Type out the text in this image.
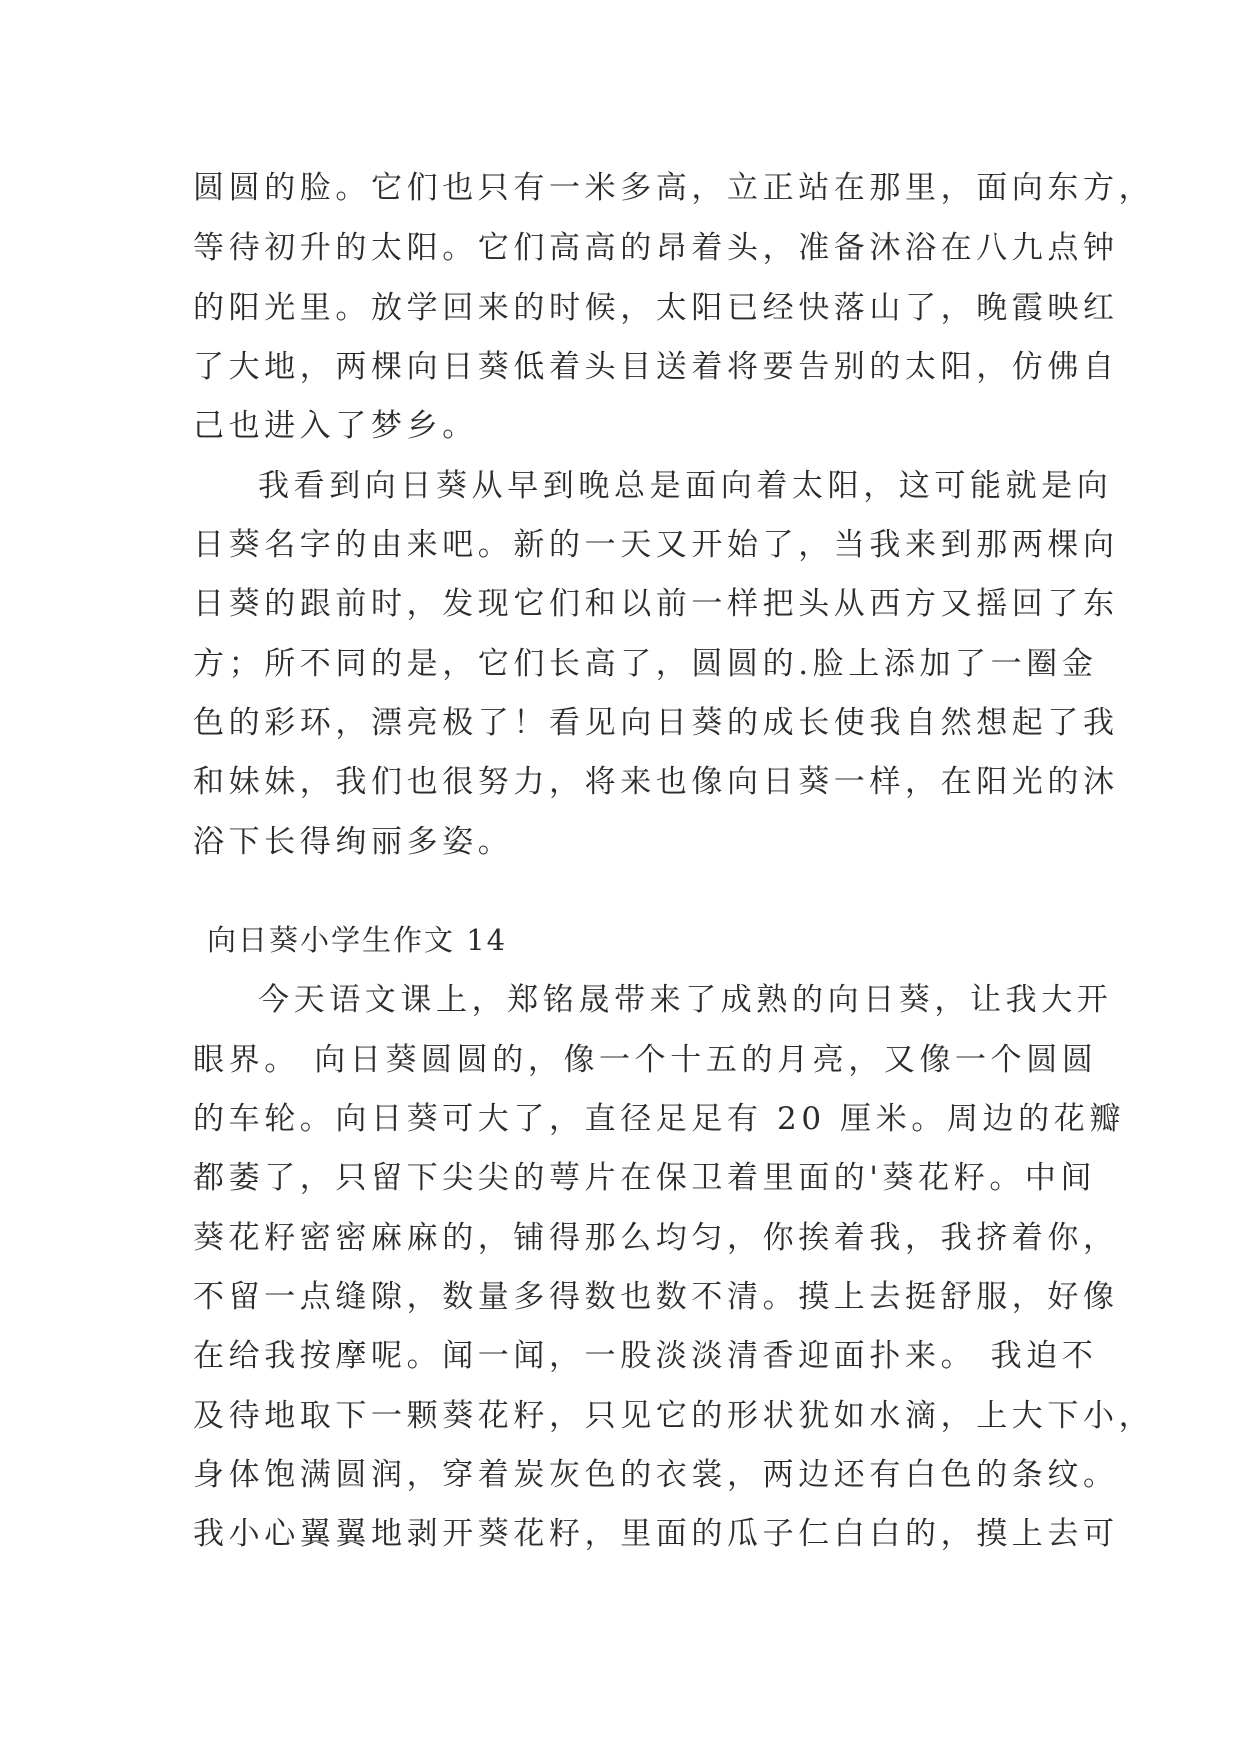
圆圆的脸。它们也只有一米多高，立正站在那里，面向东方，
等待初升的太阳。它们高高的昂着头，准备沐浴在八九点钟
的阳光里。放学回来的时候，太阳已经快落山了，晚霞映红
了大地，两棵向日葵低着头目送着将要告别的太阳，仿佛自
己也进入了梦乡。
我看到向日葵从早到晚总是面向着太阳，这可能就是向
日葵名字的由来吧。新的一天又开始了，当我来到那两棵向
日葵的跟前时，发现它们和以前一样把头从西方又摇回了东
方；所不同的是，它们长高了，圆圆的.脸上添加了一圈金
色的彩环，漂亮极了！看见向日葵的成长使我自然想起了我
和妹妹，我们也很努力，将来也像向日葵一样，在阳光的沐
浴下长得绚丽多姿。
向日葵小学生作文 14
今天语文课上，郑铭晟带来了成熟的向日葵，让我大开
眼界。 向日葵圆圆的，像一个十五的月亮，又像一个圆圆
的车轮。向日葵可大了，直径足足有 20 厘米。周边的花瓣
都萎了，只留下尖尖的萼片在保卫着里面的'葵花籽。中间
葵花籽密密麻麻的，铺得那么均匀，你挨着我，我挤着你，
不留一点缝隙，数量多得数也数不清。摸上去挺舒服，好像
在给我按摩呢。闻一闻，一股淡淡清香迎面扑来。 我迫不
及待地取下一颗葵花籽，只见它的形状犹如水滴，上大下小，
身体饱满圆润，穿着炭灰色的衣裳，两边还有白色的条纹。
我小心翼翼地剥开葵花籽，里面的瓜子仁白白的，摸上去可
